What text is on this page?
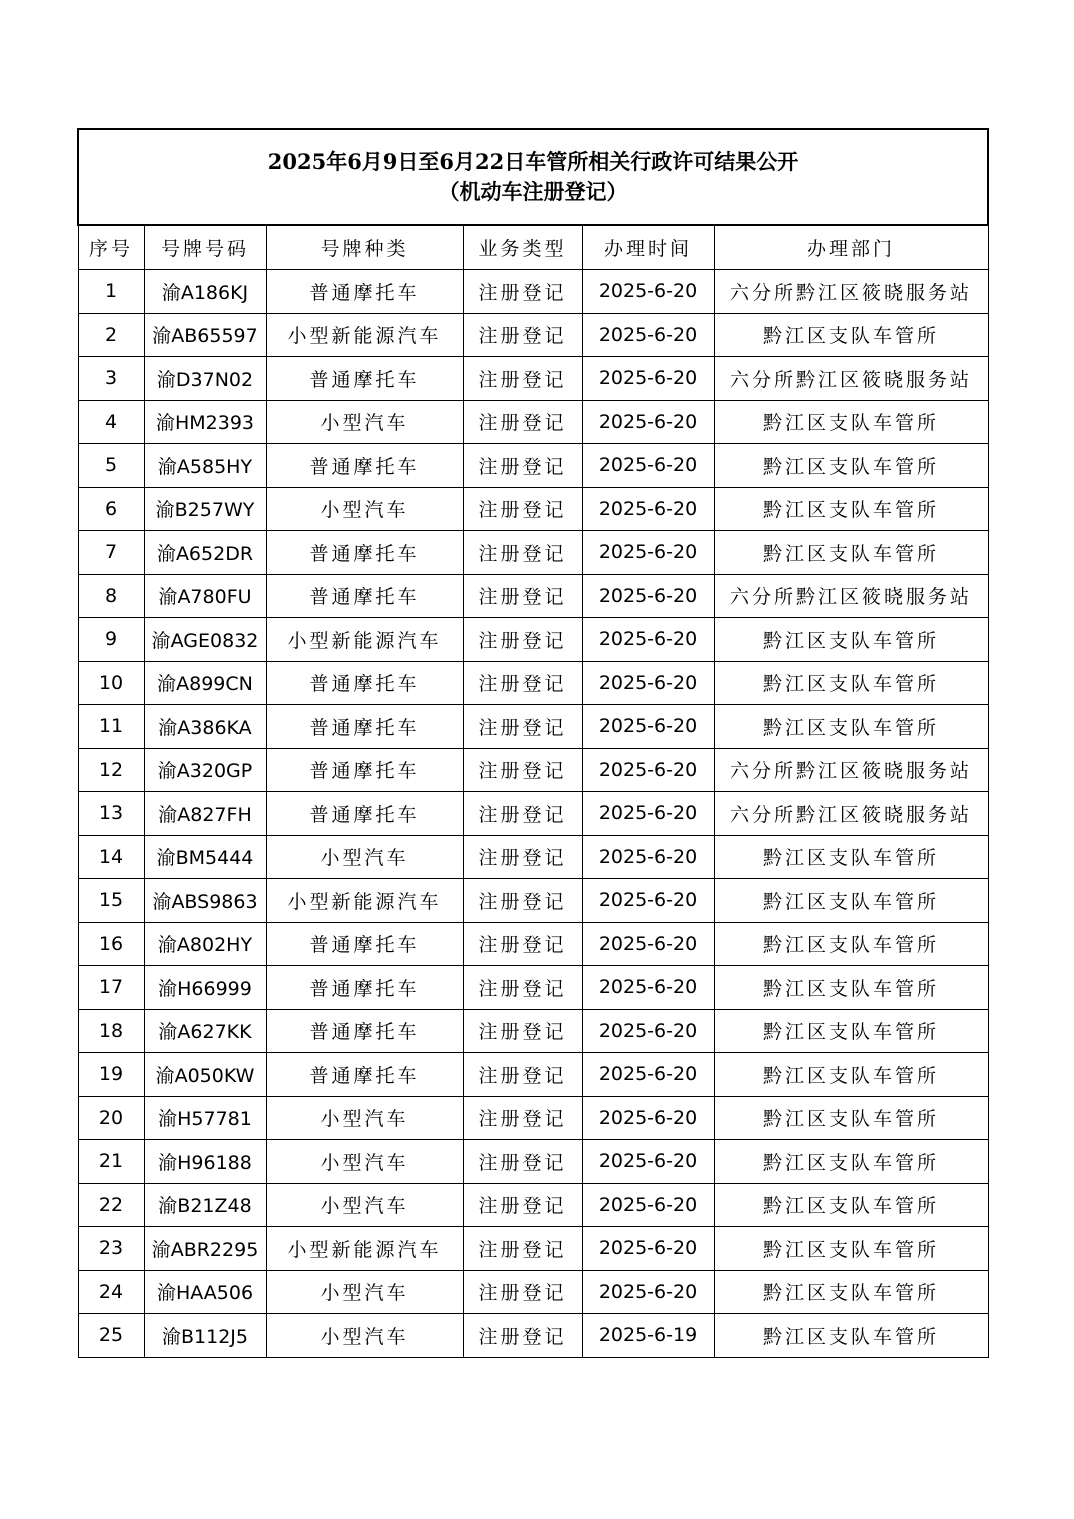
2025年6月9日至6月22日车管所相关行政许可结果公开
（机动车注册登记）					

序号	号牌号码	号牌种类	业务类型	办理时间	办理部门
1	渝A186KJ	普通摩托车	注册登记	2025-6-20	六分所黔江区筱晓服务站
2	渝AB65597	小型新能源汽车	注册登记	2025-6-20	黔江区支队车管所
3	渝D37N02	普通摩托车	注册登记	2025-6-20	六分所黔江区筱晓服务站
4	渝HM2393	小型汽车	注册登记	2025-6-20	黔江区支队车管所
5	渝A585HY	普通摩托车	注册登记	2025-6-20	黔江区支队车管所
6	渝B257WY	小型汽车	注册登记	2025-6-20	黔江区支队车管所
7	渝A652DR	普通摩托车	注册登记	2025-6-20	黔江区支队车管所
8	渝A780FU	普通摩托车	注册登记	2025-6-20	六分所黔江区筱晓服务站
9	渝AGE0832	小型新能源汽车	注册登记	2025-6-20	黔江区支队车管所
10	渝A899CN	普通摩托车	注册登记	2025-6-20	黔江区支队车管所
11	渝A386KA	普通摩托车	注册登记	2025-6-20	黔江区支队车管所
12	渝A320GP	普通摩托车	注册登记	2025-6-20	六分所黔江区筱晓服务站
13	渝A827FH	普通摩托车	注册登记	2025-6-20	六分所黔江区筱晓服务站
14	渝BM5444	小型汽车	注册登记	2025-6-20	黔江区支队车管所
15	渝ABS9863	小型新能源汽车	注册登记	2025-6-20	黔江区支队车管所
16	渝A802HY	普通摩托车	注册登记	2025-6-20	黔江区支队车管所
17	渝H66999	普通摩托车	注册登记	2025-6-20	黔江区支队车管所
18	渝A627KK	普通摩托车	注册登记	2025-6-20	黔江区支队车管所
19	渝A050KW	普通摩托车	注册登记	2025-6-20	黔江区支队车管所
20	渝H57781	小型汽车	注册登记	2025-6-20	黔江区支队车管所
21	渝H96188	小型汽车	注册登记	2025-6-20	黔江区支队车管所
22	渝B21Z48	小型汽车	注册登记	2025-6-20	黔江区支队车管所
23	渝ABR2295	小型新能源汽车	注册登记	2025-6-20	黔江区支队车管所
24	渝HAA506	小型汽车	注册登记	2025-6-20	黔江区支队车管所
25	渝B112J5	小型汽车	注册登记	2025-6-19	黔江区支队车管所
